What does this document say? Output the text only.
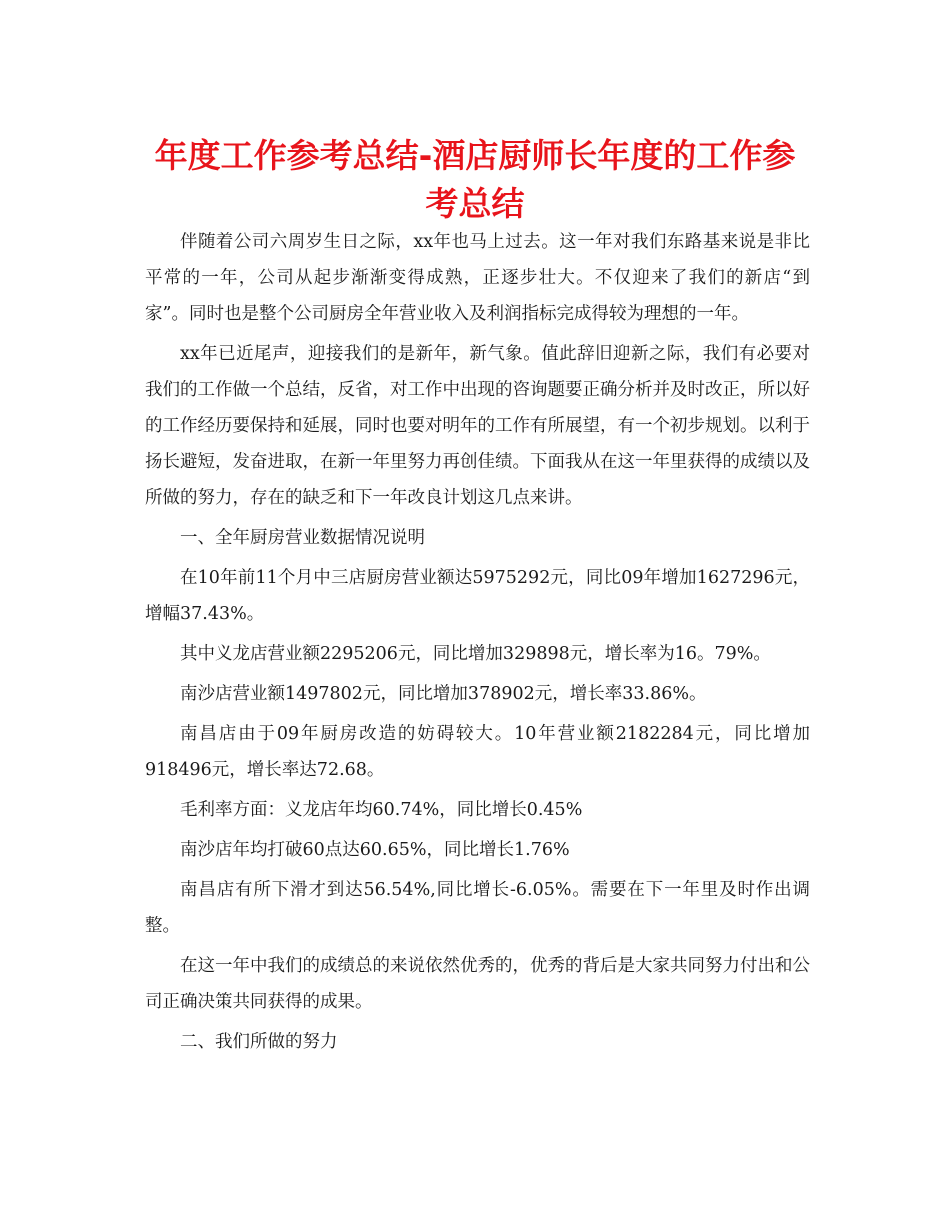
年度工作参考总结-酒店厨师长年度的工作参考总结

伴随着公司六周岁生日之际，xx年也马上过去。这一年对我们东路基来说是非比平常的一年，公司从起步渐渐变得成熟，正逐步壮大。不仅迎来了我们的新店“到家”。同时也是整个公司厨房全年营业收入及利润指标完成得较为理想的一年。

xx年已近尾声，迎接我们的是新年，新气象。值此辞旧迎新之际，我们有必要对我们的工作做一个总结，反省，对工作中出现的咨询题要正确分析并及时改正，所以好的工作经历要保持和延展，同时也要对明年的工作有所展望，有一个初步规划。以利于扬长避短，发奋进取，在新一年里努力再创佳绩。下面我从在这一年里获得的成绩以及所做的努力，存在的缺乏和下一年改良计划这几点来讲。

一、全年厨房营业数据情况说明

在10年前11个月中三店厨房营业额达5975292元，同比09年增加1627296元，增幅37.43%。

其中义龙店营业额2295206元，同比增加329898元，增长率为16。79%。

南沙店营业额1497802元，同比增加378902元，增长率33.86%。

南昌店由于09年厨房改造的妨碍较大。10年营业额2182284元，同比增加918496元，增长率达72.68。

毛利率方面：义龙店年均60.74%，同比增长0.45%

南沙店年均打破60点达60.65%，同比增长1.76%

南昌店有所下滑才到达56.54%,同比增长-6.05%。需要在下一年里及时作出调整。

在这一年中我们的成绩总的来说依然优秀的，优秀的背后是大家共同努力付出和公司正确决策共同获得的成果。

二、我们所做的努力
